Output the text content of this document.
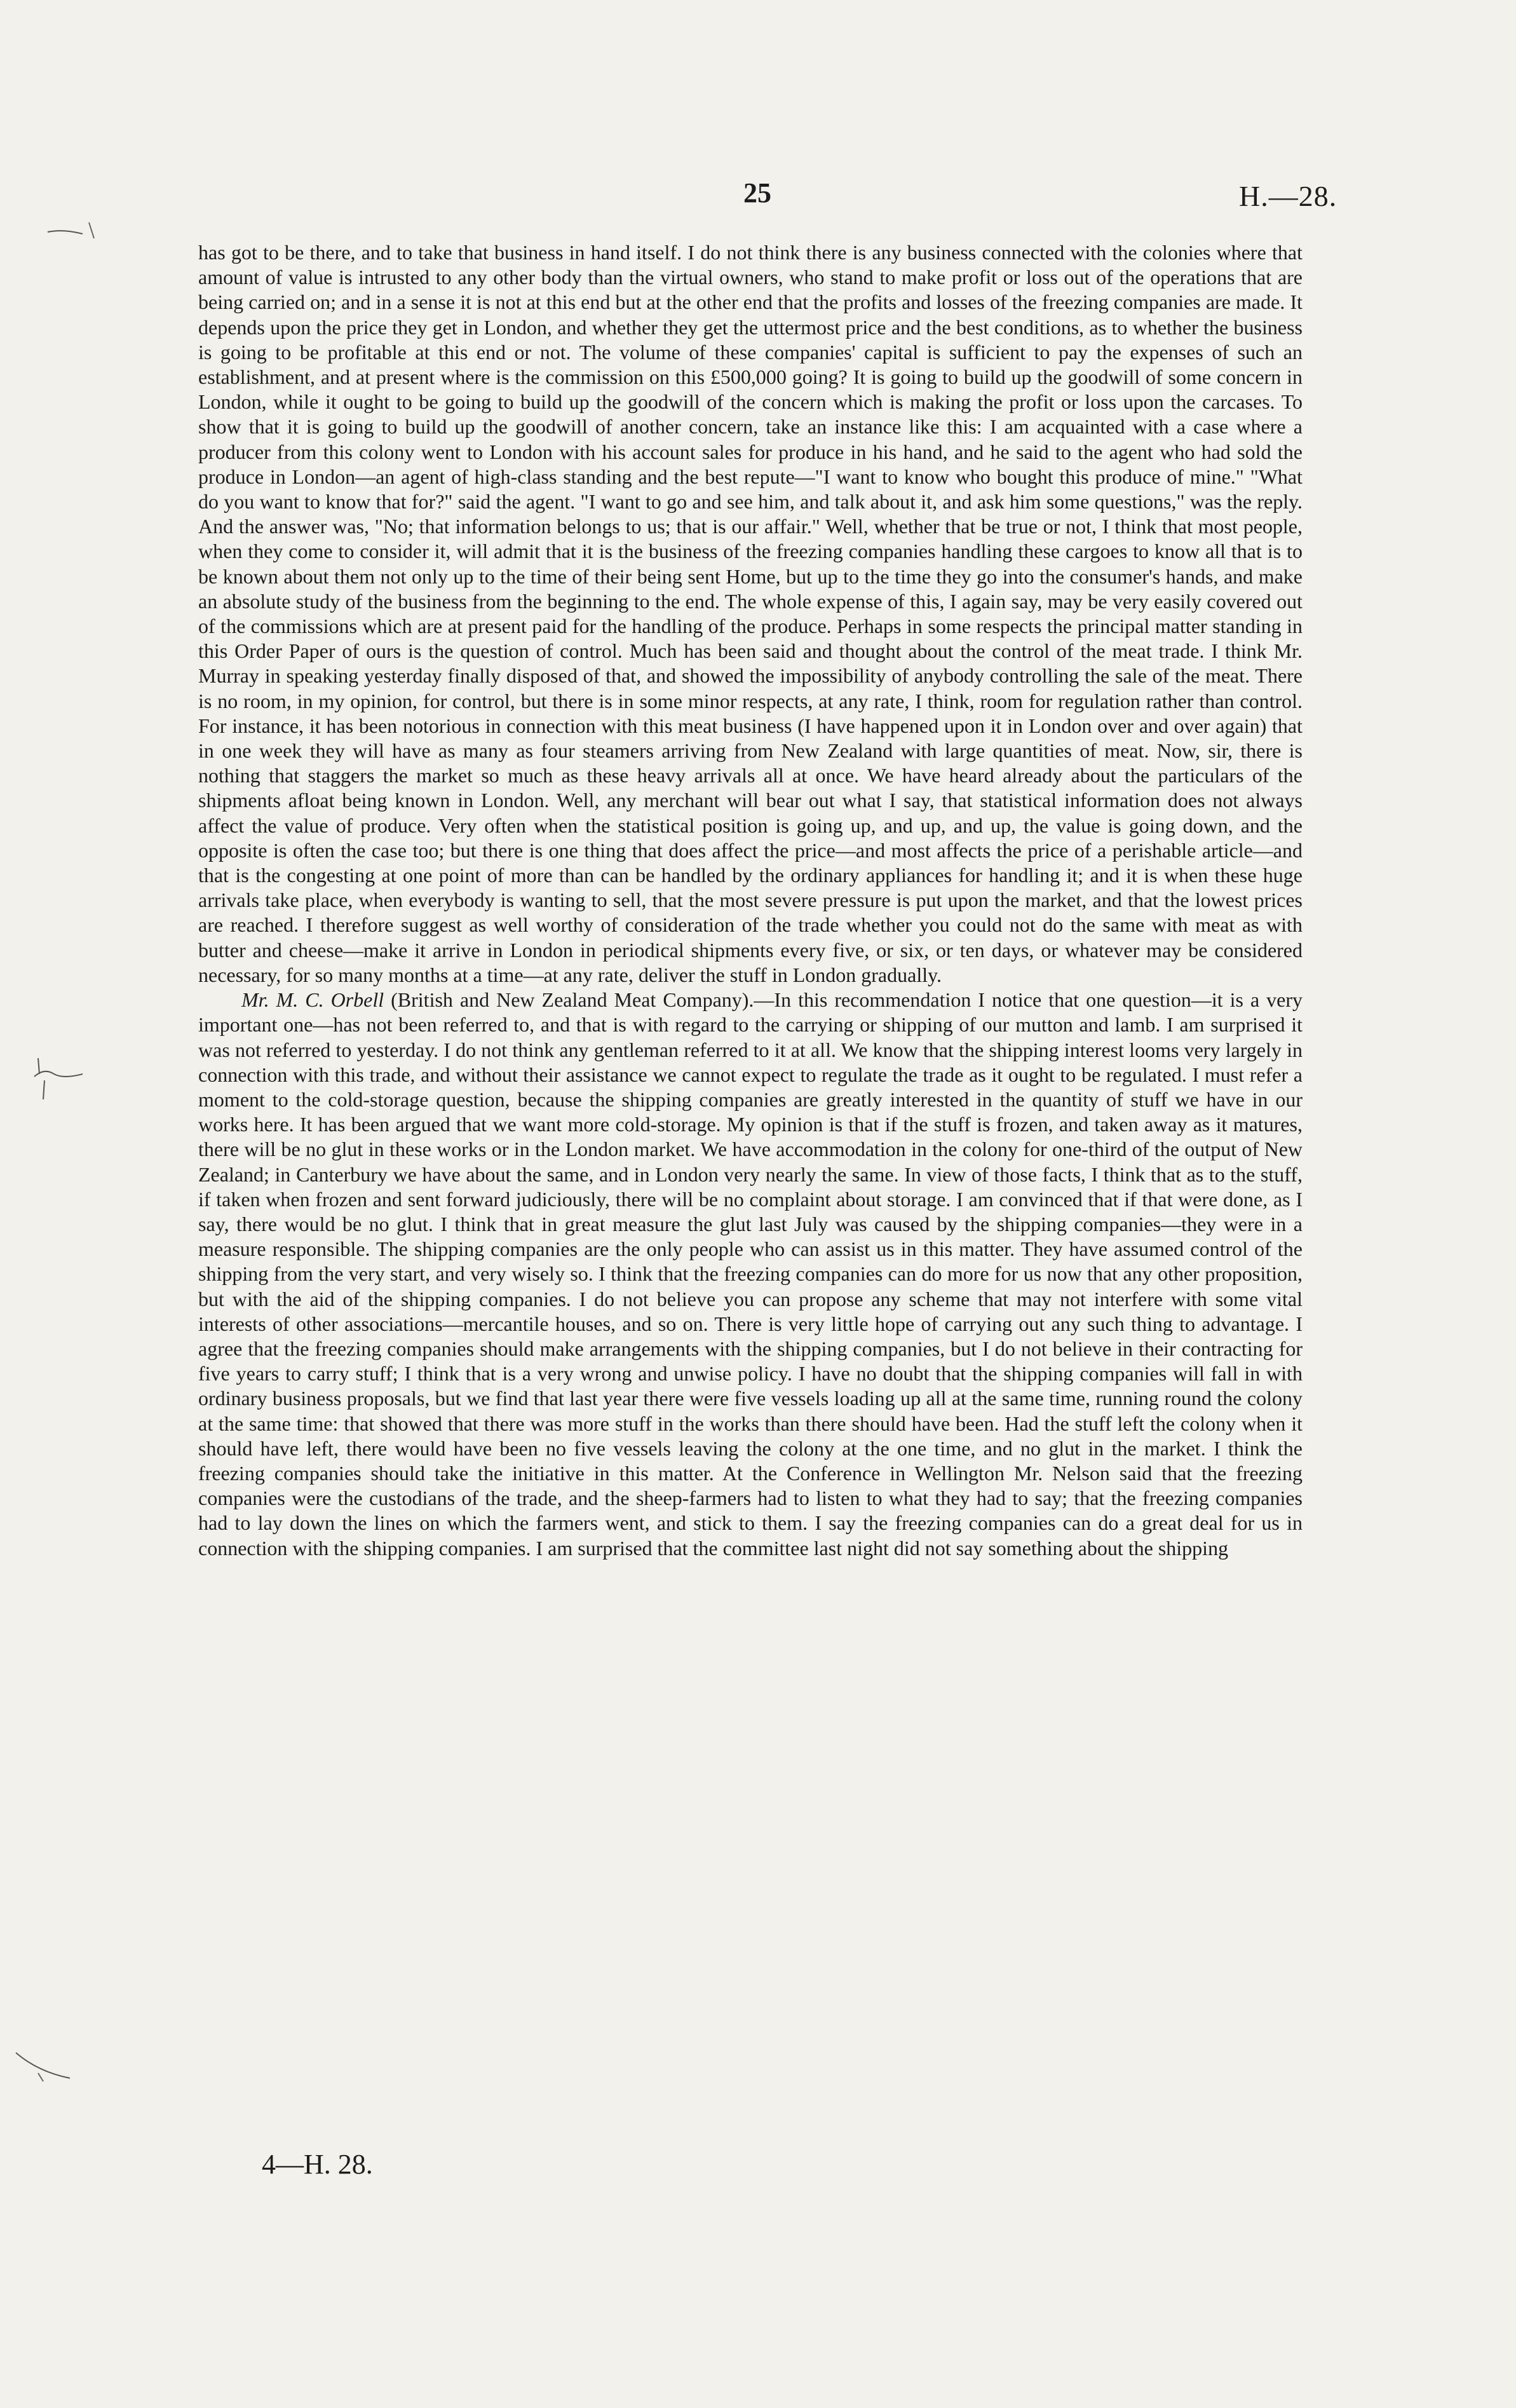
25	H.—28.

has got to be there, and to take that business in hand itself. I do not think there is any business connected with the colonies where that amount of value is intrusted to any other body than the virtual owners, who stand to make profit or loss out of the operations that are being carried on; and in a sense it is not at this end but at the other end that the profits and losses of the freezing companies are made. It depends upon the price they get in London, and whether they get the uttermost price and the best conditions, as to whether the business is going to be profitable at this end or not. The volume of these companies' capital is sufficient to pay the expenses of such an establishment, and at present where is the commission on this £500,000 going? It is going to build up the goodwill of some concern in London, while it ought to be going to build up the goodwill of the concern which is making the profit or loss upon the carcases. To show that it is going to build up the goodwill of another concern, take an instance like this: I am acquainted with a case where a producer from this colony went to London with his account sales for produce in his hand, and he said to the agent who had sold the produce in London—an agent of high-class standing and the best repute—"I want to know who bought this produce of mine." "What do you want to know that for?" said the agent. "I want to go and see him, and talk about it, and ask him some questions," was the reply. And the answer was, "No; that information belongs to us; that is our affair." Well, whether that be true or not, I think that most people, when they come to consider it, will admit that it is the business of the freezing companies handling these cargoes to know all that is to be known about them not only up to the time of their being sent Home, but up to the time they go into the consumer's hands, and make an absolute study of the business from the beginning to the end. The whole expense of this, I again say, may be very easily covered out of the commissions which are at present paid for the handling of the produce. Perhaps in some respects the principal matter standing in this Order Paper of ours is the question of control. Much has been said and thought about the control of the meat trade. I think Mr. Murray in speaking yesterday finally disposed of that, and showed the impossibility of anybody controlling the sale of the meat. There is no room, in my opinion, for control, but there is in some minor respects, at any rate, I think, room for regulation rather than control. For instance, it has been notorious in connection with this meat business (I have happened upon it in London over and over again) that in one week they will have as many as four steamers arriving from New Zealand with large quantities of meat. Now, sir, there is nothing that staggers the market so much as these heavy arrivals all at once. We have heard already about the particulars of the shipments afloat being known in London. Well, any merchant will bear out what I say, that statistical information does not always affect the value of produce. Very often when the statistical position is going up, and up, and up, the value is going down, and the opposite is often the case too; but there is one thing that does affect the price—and most affects the price of a perishable article—and that is the congesting at one point of more than can be handled by the ordinary appliances for handling it; and it is when these huge arrivals take place, when everybody is wanting to sell, that the most severe pressure is put upon the market, and that the lowest prices are reached. I therefore suggest as well worthy of consideration of the trade whether you could not do the same with meat as with butter and cheese—make it arrive in London in periodical shipments every five, or six, or ten days, or whatever may be considered necessary, for so many months at a time—at any rate, deliver the stuff in London gradually.

Mr. M. C. Orbell (British and New Zealand Meat Company).—In this recommendation I notice that one question—it is a very important one—has not been referred to, and that is with regard to the carrying or shipping of our mutton and lamb. I am surprised it was not referred to yesterday. I do not think any gentleman referred to it at all. We know that the shipping interest looms very largely in connection with this trade, and without their assistance we cannot expect to regulate the trade as it ought to be regulated. I must refer a moment to the cold-storage question, because the shipping companies are greatly interested in the quantity of stuff we have in our works here. It has been argued that we want more cold-storage. My opinion is that if the stuff is frozen, and taken away as it matures, there will be no glut in these works or in the London market. We have accommodation in the colony for one-third of the output of New Zealand; in Canterbury we have about the same, and in London very nearly the same. In view of those facts, I think that as to the stuff, if taken when frozen and sent forward judiciously, there will be no complaint about storage. I am convinced that if that were done, as I say, there would be no glut. I think that in great measure the glut last July was caused by the shipping companies—they were in a measure responsible. The shipping companies are the only people who can assist us in this matter. They have assumed control of the shipping from the very start, and very wisely so. I think that the freezing companies can do more for us now that any other proposition, but with the aid of the shipping companies. I do not believe you can propose any scheme that may not interfere with some vital interests of other associations—mercantile houses, and so on. There is very little hope of carrying out any such thing to advantage. I agree that the freezing companies should make arrangements with the shipping companies, but I do not believe in their contracting for five years to carry stuff; I think that is a very wrong and unwise policy. I have no doubt that the shipping companies will fall in with ordinary business proposals, but we find that last year there were five vessels loading up all at the same time, running round the colony at the same time: that showed that there was more stuff in the works than there should have been. Had the stuff left the colony when it should have left, there would have been no five vessels leaving the colony at the one time, and no glut in the market. I think the freezing companies should take the initiative in this matter. At the Conference in Wellington Mr. Nelson said that the freezing companies were the custodians of the trade, and the sheep-farmers had to listen to what they had to say; that the freezing companies had to lay down the lines on which the farmers went, and stick to them. I say the freezing companies can do a great deal for us in connection with the shipping companies. I am surprised that the committee last night did not say something about the shipping

4—H. 28.
